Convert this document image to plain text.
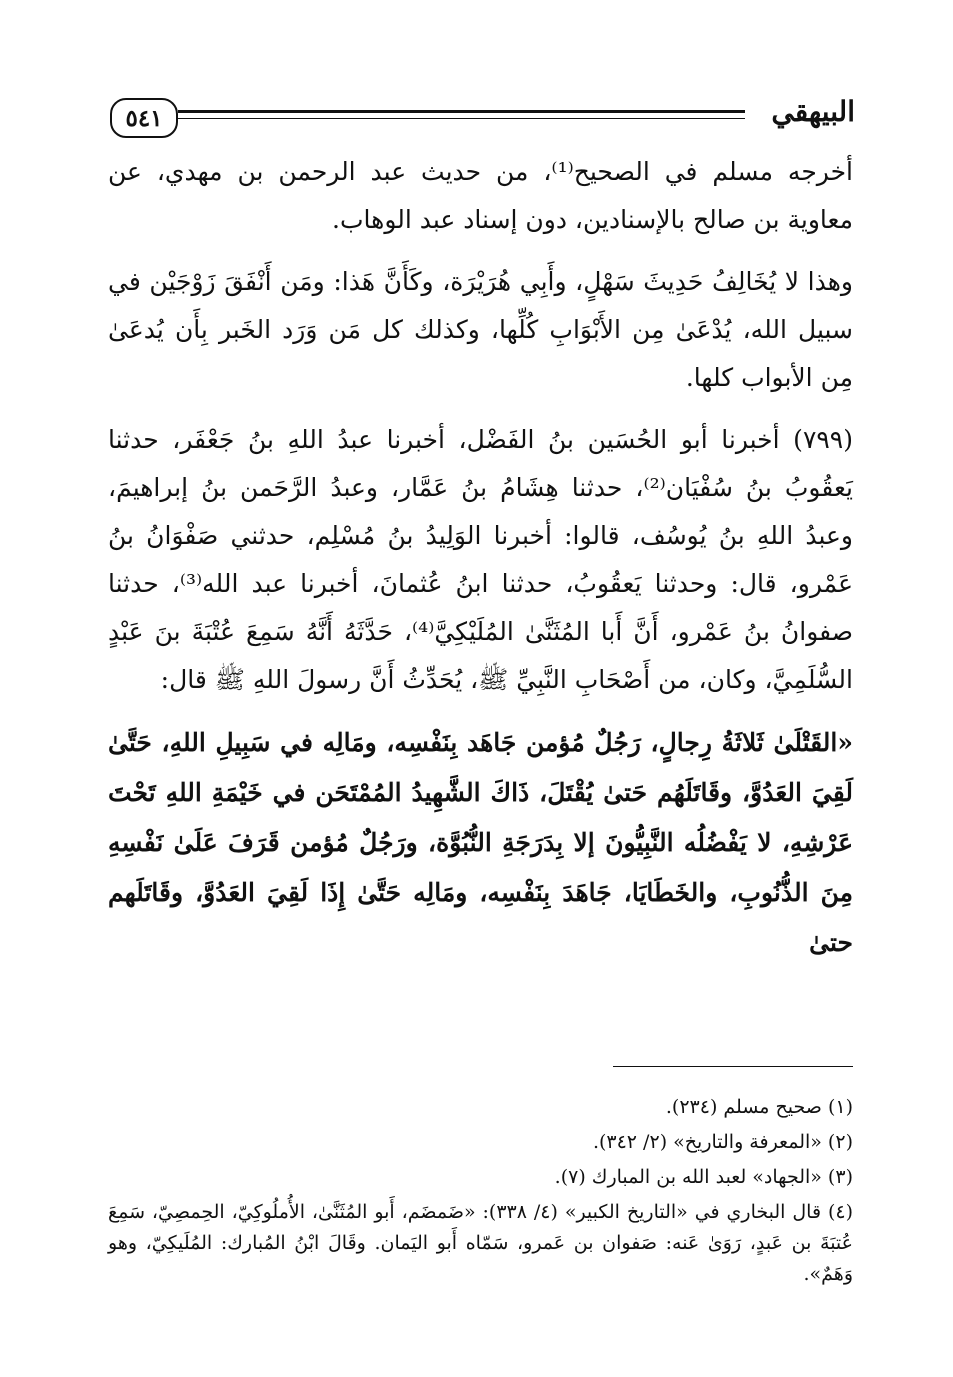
٥٤١	البيهقي

أخرجه مسلم في الصحيح⁽¹⁾، من حديث عبد الرحمن بن مهدي، عن معاوية بن صالح بالإسنادين، دون إسناد عبد الوهاب.

وهذا لا يُخَالِفُ حَدِيثَ سَهْلٍ، وأَبِي هُرَيْرَة، وكَأَنَّ هَذا: ومَن أَنْفَقَ زَوْجَيْن في سبيل الله، يُدْعَىٰ مِن الأَبْوَابِ كُلِّها، وكذلك كل مَن وَرَد الخَبر بِأَن يُدعَىٰ مِن الأبواب كلها.

(٧٩٩) أخبرنا أبو الحُسَين بنُ الفَضْل، أخبرنا عبدُ اللهِ بنُ جَعْفَر، حدثنا يَعقُوبُ بنُ سُفْيَان⁽²⁾، حدثنا هِشَامُ بنُ عَمَّار، وعبدُ الرَّحَمن بنُ إبراهيمَ، وعبدُ اللهِ بنُ يُوسُف، قالوا: أخبرنا الوَلِيدُ بنُ مُسْلِم، حدثني صَفْوَانُ بنُ عَمْرو، قال: وحدثنا يَعقُوبُ، حدثنا ابنُ عُثمانَ، أخبرنا عبد الله⁽³⁾، حدثنا صفوانُ بنُ عَمْرو، أَنَّ أَبا المُثَنَّىٰ المُلَيْكِيَّ⁽⁴⁾، حَدَّثَهُ أَنَّهُ سَمِعَ عُتْبَةَ بنَ عَبْدٍ السُّلَمِيَّ، وكان، من أَصْحَابِ النَّبِيِّ ﷺ، يُحَدِّثُ أَنَّ رسولَ اللهِ ﷺ قال:

«القَتْلَىٰ ثَلاثَةُ رِجالٍ، رَجُلٌ مُؤمن جَاهَد بِنَفْسِه، ومَالِه في سَبِيلِ اللهِ، حَتَّىٰ لَقِيَ العَدُوَّ، وقَاتَلَهُم حَتىٰ يُقْتَلَ، ذَاكَ الشَّهِيدُ المُمْتَحَن في خَيْمَةِ اللهِ تَحْتَ عَرْشِهِ، لا يَفْضُلُه النَّبِيُّونَ إلا بِدَرَجَةِ النُّبُوَّة، ورَجُلٌ مُؤمن قَرَفَ عَلَىٰ نَفْسِهِ مِنَ الذُّنُوبِ، والخَطَايَا، جَاهَدَ بِنَفْسِه، ومَالِه حَتَّىٰ إِذَا لَقِيَ العَدُوَّ، وقَاتَلَهم حتىٰ

(١) صحيح مسلم (٢٣٤).

(٢) «المعرفة والتاريخ» (٢/ ٣٤٢).

(٣) «الجهاد» لعبد الله بن المبارك (٧).

(٤) قال البخاري في «التاريخ الكبير» (٤/ ٣٣٨): «ضَمضَم، أَبو المُثَنَّىٰ، الأُملُوكِيّ، الحِمصِيّ، سَمِعَ عُتبَةَ بن عَبدٍ، رَوَىٰ عَنه: صَفوان بن عَمرو، سَمّاه أَبو اليَمان. وقَالَ ابْنُ المُبارك: المُلَيكِيّ، وهو وَهَمٌ».
